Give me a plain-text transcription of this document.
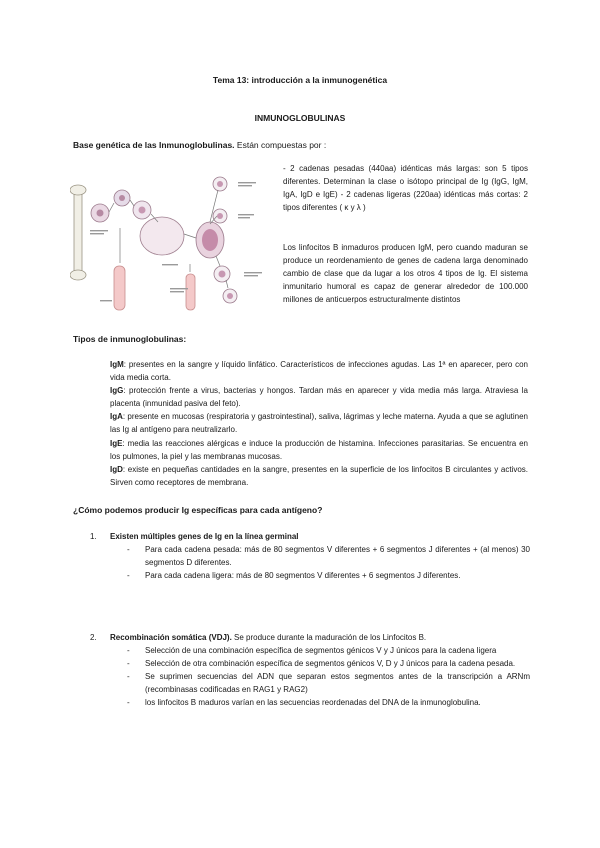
Tema 13: introducción a la inmunogenética
INMUNOGLOBULINAS
Base genética de las Inmunoglobulinas. Están compuestas por :
- 2 cadenas pesadas (440aa) idénticas más largas: son 5 tipos diferentes. Determinan la clase o isótopo principal de Ig (IgG, IgM, IgA, IgD e IgE) - 2 cadenas ligeras (220aa) idénticas más cortas: 2 tipos diferentes ( κ y λ )
Los linfocitos B inmaduros producen IgM, pero cuando maduran se produce un reordenamiento de genes de cadena larga denominado cambio de clase que da lugar a los otros 4 tipos de Ig. El sistema inmunitario humoral es capaz de generar alrededor de 100.000 millones de anticuerpos estructuralmente distintos
Tipos de inmunoglobulinas:

IgM: presentes en la sangre y líquido linfático. Característicos de infecciones agudas. Las 1ª en aparecer, pero con vida media corta.

IgG: protección frente a virus, bacterias y hongos. Tardan más en aparecer y vida media más larga. Atraviesa la placenta (inmunidad pasiva del feto).

IgA: presente en mucosas (respiratoria y gastrointestinal), saliva, lágrimas y leche materna. Ayuda a que se aglutinen las Ig al antígeno para neutralizarlo.

IgE: media las reacciones alérgicas e induce la producción de histamina. Infecciones parasitarias. Se encuentra en los pulmones, la piel y las membranas mucosas.

IgD: existe en pequeñas cantidades en la sangre, presentes en la superficie de los linfocitos B circulantes y activos. Sirven como receptores de membrana.

¿Cómo podemos producir Ig específicas para cada antígeno?
1. Existen múltiples genes de Ig en la línea germinal
- Para cada cadena pesada: más de 80 segmentos V diferentes + 6 segmentos J diferentes + (al menos) 30 segmentos D diferentes.
- Para cada cadena ligera: más de 80 segmentos V diferentes + 6 segmentos J diferentes.
2. Recombinación somática (VDJ). Se produce durante la maduración de los Linfocitos B.
- Selección de una combinación específica de segmentos génicos V y J únicos para la cadena ligera
- Selección de otra combinación específica de segmentos génicos V, D y J únicos para la cadena pesada.
- Se suprimen secuencias del ADN que separan estos segmentos antes de la transcripción a ARNm (recombinasas codificadas en RAG1 y RAG2)
- los linfocitos B maduros varían en las secuencias reordenadas del DNA de la inmunoglobulina.
